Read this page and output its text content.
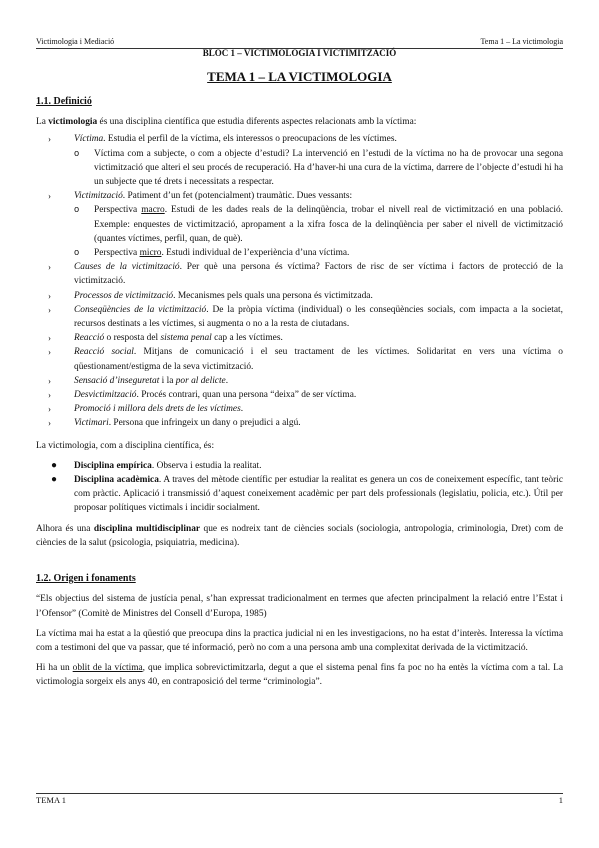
Victimologia i Mediació	Tema 1 – La victimologia
BLOC 1 – VICTIMOLOGIA I VICTIMITZACIÓ
TEMA 1 – LA VICTIMOLOGIA
1.1. Definició

La victimologia és una disciplina científica que estudia diferents aspectes relacionats amb la víctima:

› Víctima. Estudia el perfil de la víctima, els interessos o preocupacions de les víctimes.
o Víctima com a subjecte, o com a objecte d’estudi? La intervenció en l’estudi de la víctima no ha de provocar una segona victimització que alteri el seu procés de recuperació. Ha d’haver-hi una cura de la víctima, darrere de l’objecte d’estudi hi ha un subjecte que té drets i necessitats a respectar.
› Victimització. Patiment d’un fet (potencialment) traumàtic. Dues vessants:
o Perspectiva macro. Estudi de les dades reals de la delinqüència, trobar el nivell real de victimització en una població. Exemple: enquestes de victimització, apropament a la xifra fosca de la delinqüència per saber el nivell de victimització (quantes víctimes, perfil, quan, de què).
o Perspectiva micro. Estudi individual de l’experiència d’una víctima.
› Causes de la victimització. Per què una persona és víctima? Factors de risc de ser víctima i factors de protecció de la victimització.
› Processos de victimització. Mecanismes pels quals una persona és victimitzada.
› Conseqüències de la victimització. De la pròpia víctima (individual) o les conseqüències socials, com impacta a la societat, recursos destinats a les víctimes, si augmenta o no a la resta de ciutadans.
› Reacció o resposta del sistema penal cap a les víctimes.
› Reacció social. Mitjans de comunicació i el seu tractament de les víctimes. Solidaritat en vers una víctima o qüestionament/estigma de la seva victimització.
› Sensació d’inseguretat i la por al delicte.
› Desvictimització. Procés contrari, quan una persona “deixa” de ser víctima.
› Promoció i millora dels drets de les víctimes.
› Victimari. Persona que infringeix un dany o prejudici a algú.

La victimologia, com a disciplina científica, és:

● Disciplina empírica. Observa i estudia la realitat.
● Disciplina acadèmica. A traves del mètode científic per estudiar la realitat es genera un cos de coneixement específic, tant teòric com pràctic. Aplicació i transmissió d’aquest coneixement acadèmic per part dels professionals (legislatiu, policia, etc.). Útil per proposar polítiques victimals i incidir socialment.

Alhora és una disciplina multidisciplinar que es nodreix tant de ciències socials (sociologia, antropologia, criminologia, Dret) com de ciències de la salut (psicologia, psiquiatria, medicina).

1.2. Origen i fonaments

“Els objectius del sistema de justícia penal, s’han expressat tradicionalment en termes que afecten principalment la relació entre l’Estat i l’Ofensor” (Comitè de Ministres del Consell d’Europa, 1985)

La víctima mai ha estat a la qüestió que preocupa dins la practica judicial ni en les investigacions, no ha estat d’interès. Interessa la víctima com a testimoni del que va passar, que té informació, però no com a una persona amb una complexitat derivada de la victimització.

Hi ha un oblit de la víctima, que implica sobrevictimitzarla, degut a que el sistema penal fins fa poc no ha entès la víctima com a tal. La victimologia sorgeix els anys 40, en contraposició del terme “criminologia”.

TEMA 1	1
